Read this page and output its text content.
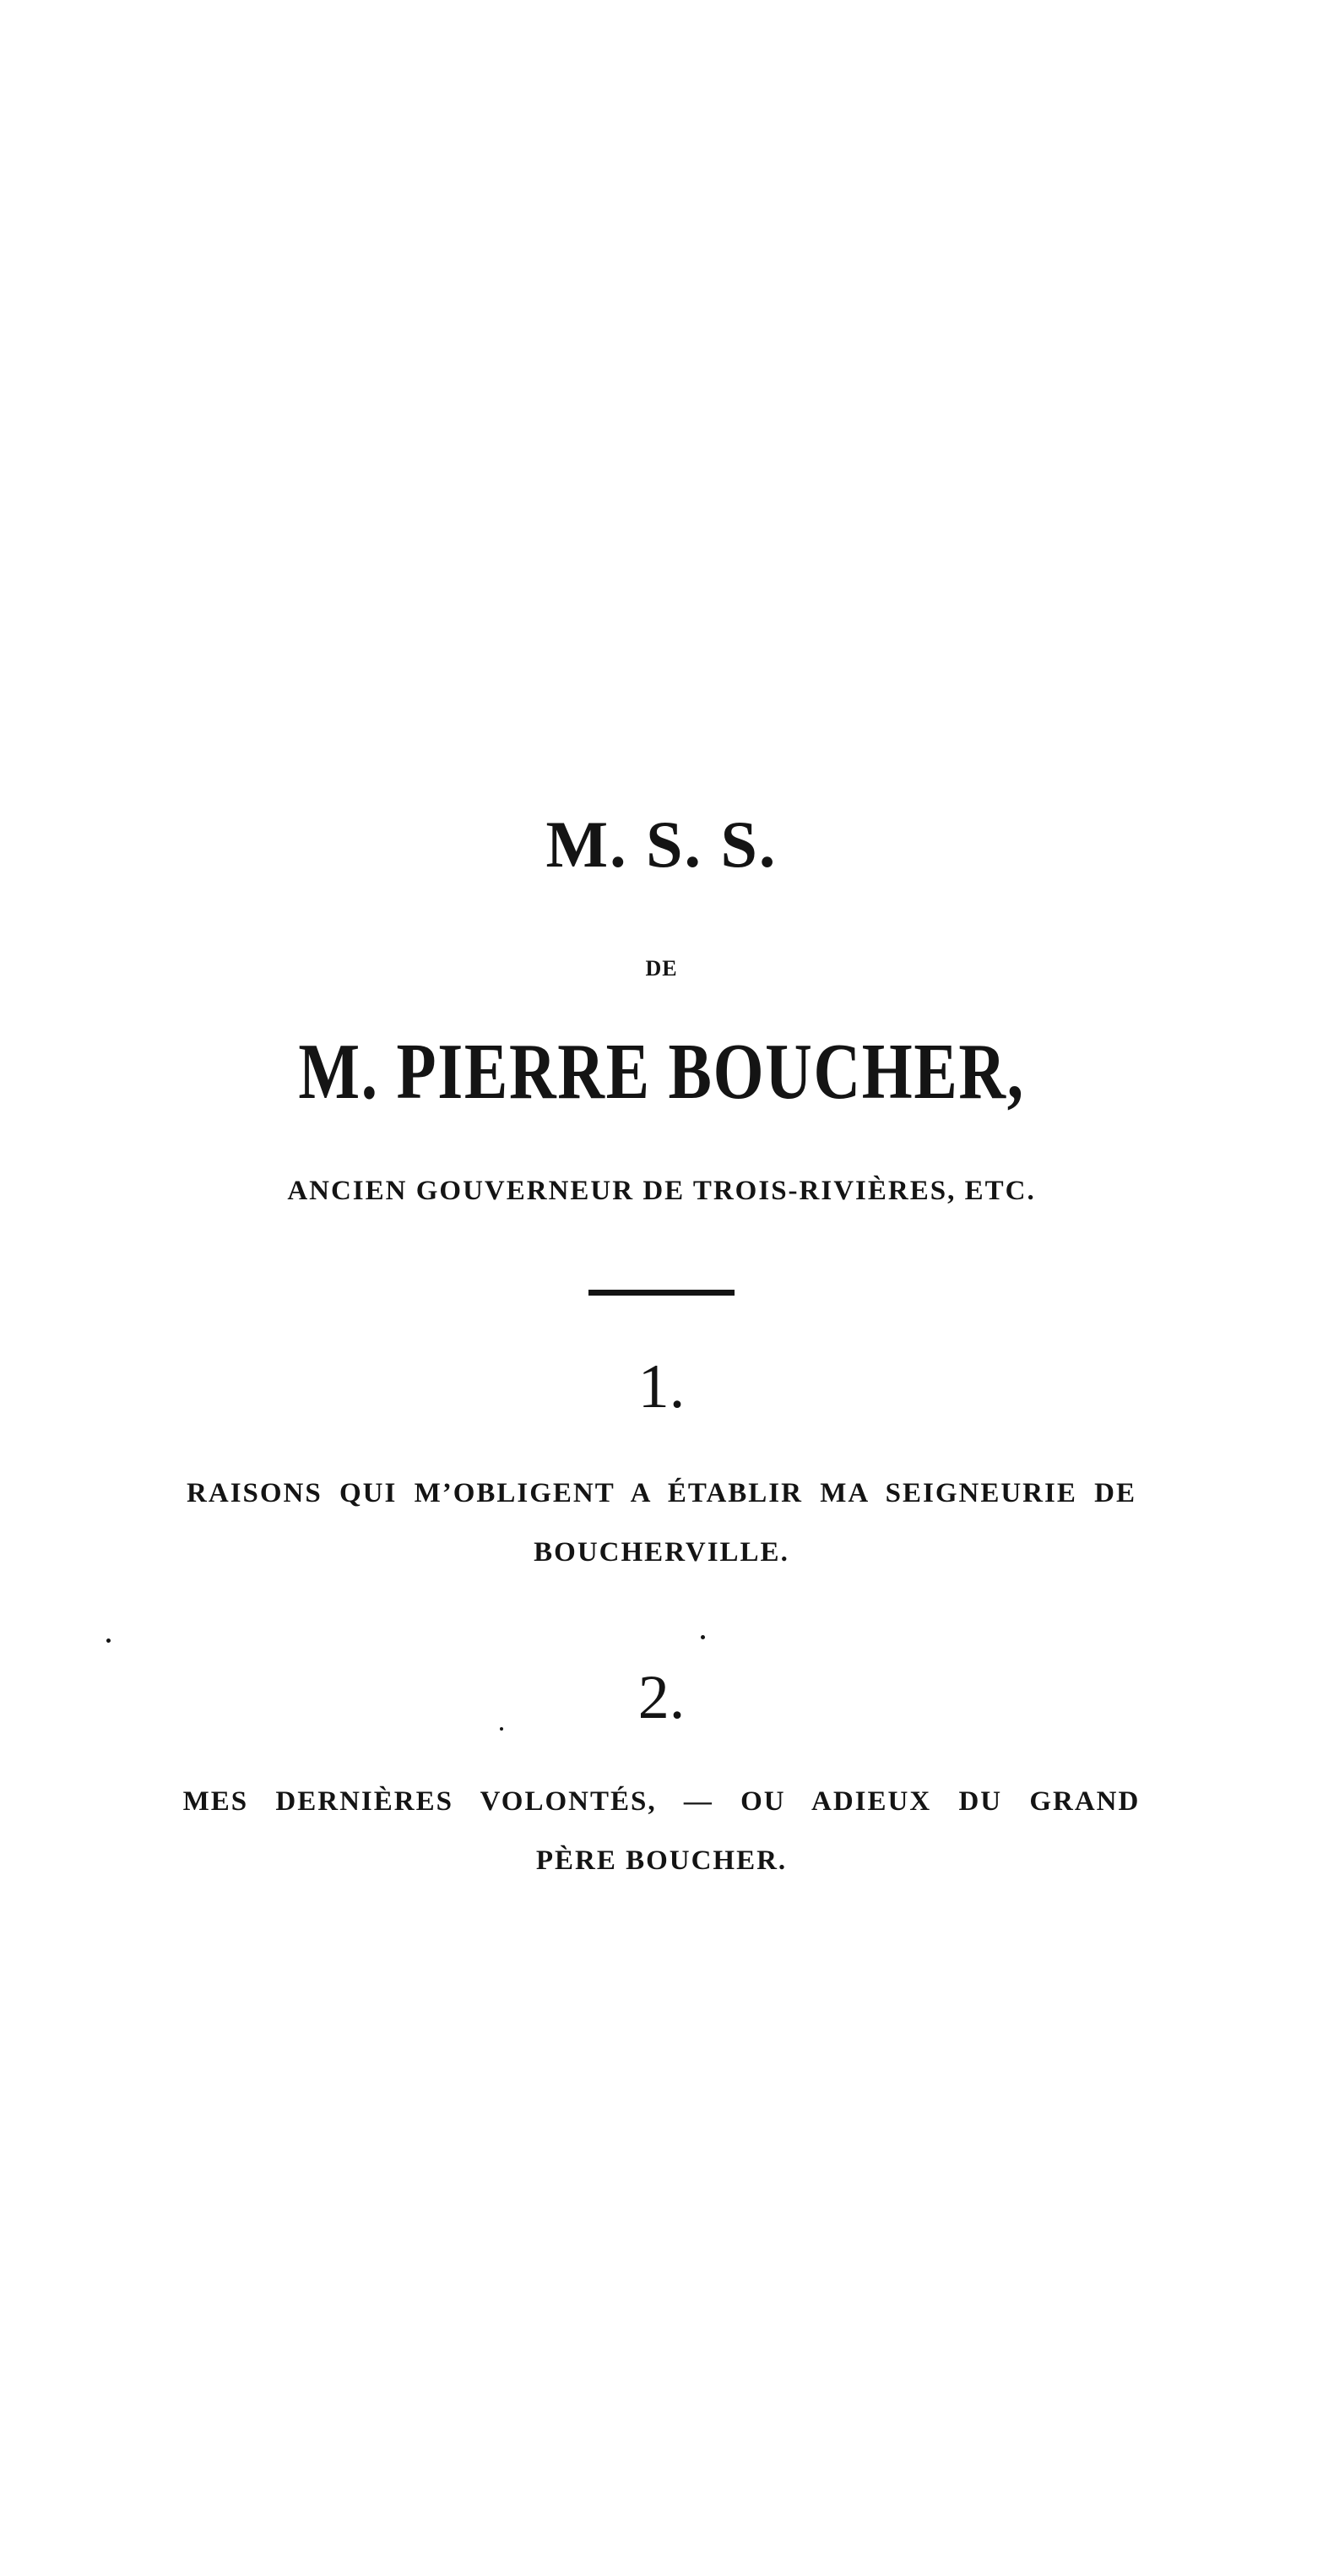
M. S. S.
DE
M. PIERRE BOUCHER,
ANCIEN GOUVERNEUR DE TROIS-RIVIÈRES, ETC.
1.
RAISONS QUI M’OBLIGENT A ÉTABLIR MA SEIGNEURIE DE
BOUCHERVILLE.
2.
MES DERNIÈRES VOLONTÉS, — OU ADIEUX DU GRAND
PÈRE BOUCHER.
